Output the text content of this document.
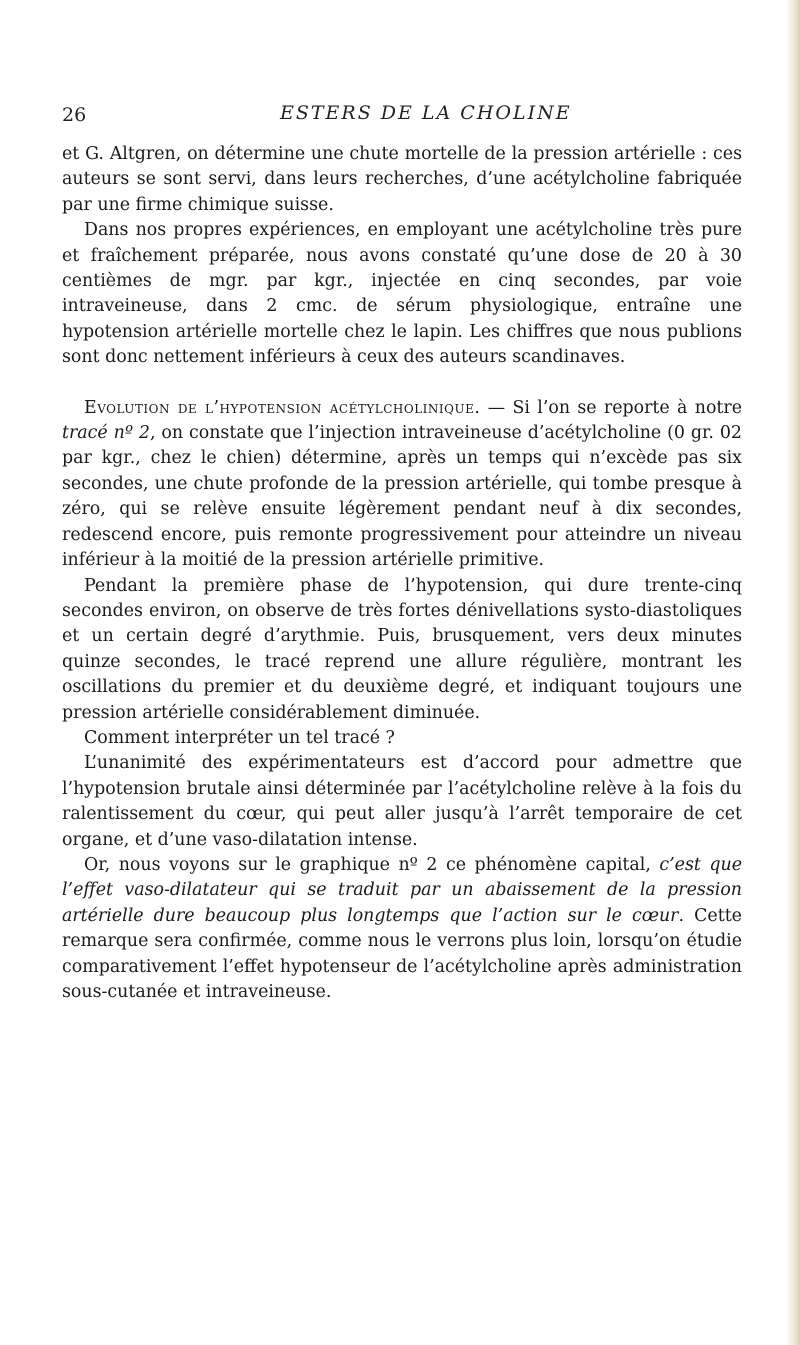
26	ESTERS DE LA CHOLINE

et G. Altgren, on détermine une chute mortelle de la pression artérielle : ces auteurs se sont servi, dans leurs recherches, d’une acétylcholine fabriquée par une firme chimique suisse.

Dans nos propres expériences, en employant une acétylcholine très pure et fraîchement préparée, nous avons constaté qu’une dose de 20 à 30 centièmes de mgr. par kgr., injectée en cinq secondes, par voie intraveineuse, dans 2 cmc. de sérum physiologique, entraîne une hypotension artérielle mortelle chez le lapin. Les chiffres que nous publions sont donc nettement inférieurs à ceux des auteurs scandinaves.

Evolution de l’hypotension acétylcholinique. — Si l’on se reporte à notre tracé nº 2, on constate que l’injection intraveineuse d’acétylcholine (0 gr. 02 par kgr., chez le chien) détermine, après un temps qui n’excède pas six secondes, une chute profonde de la pression artérielle, qui tombe presque à zéro, qui se relève ensuite légèrement pendant neuf à dix secondes, redescend encore, puis remonte progressivement pour atteindre un niveau inférieur à la moitié de la pression artérielle primitive.

Pendant la première phase de l’hypotension, qui dure trente-cinq secondes environ, on observe de très fortes dénivellations systo-diastoliques et un certain degré d’arythmie. Puis, brusquement, vers deux minutes quinze secondes, le tracé reprend une allure régulière, montrant les oscillations du premier et du deuxième degré, et indiquant toujours une pression artérielle considérablement diminuée.

Comment interpréter un tel tracé ?

L’unanimité des expérimentateurs est d’accord pour admettre que l’hypotension brutale ainsi déterminée par l’acétylcholine relève à la fois du ralentissement du cœur, qui peut aller jusqu’à l’arrêt temporaire de cet organe, et d’une vaso-dilatation intense.

Or, nous voyons sur le graphique nº 2 ce phénomène capital, c’est que l’effet vaso-dilatateur qui se traduit par un abaissement de la pression artérielle dure beaucoup plus longtemps que l’action sur le cœur. Cette remarque sera confirmée, comme nous le verrons plus loin, lorsqu’on étudie comparativement l’effet hypotenseur de l’acétylcholine après administration sous-cutanée et intraveineuse.
